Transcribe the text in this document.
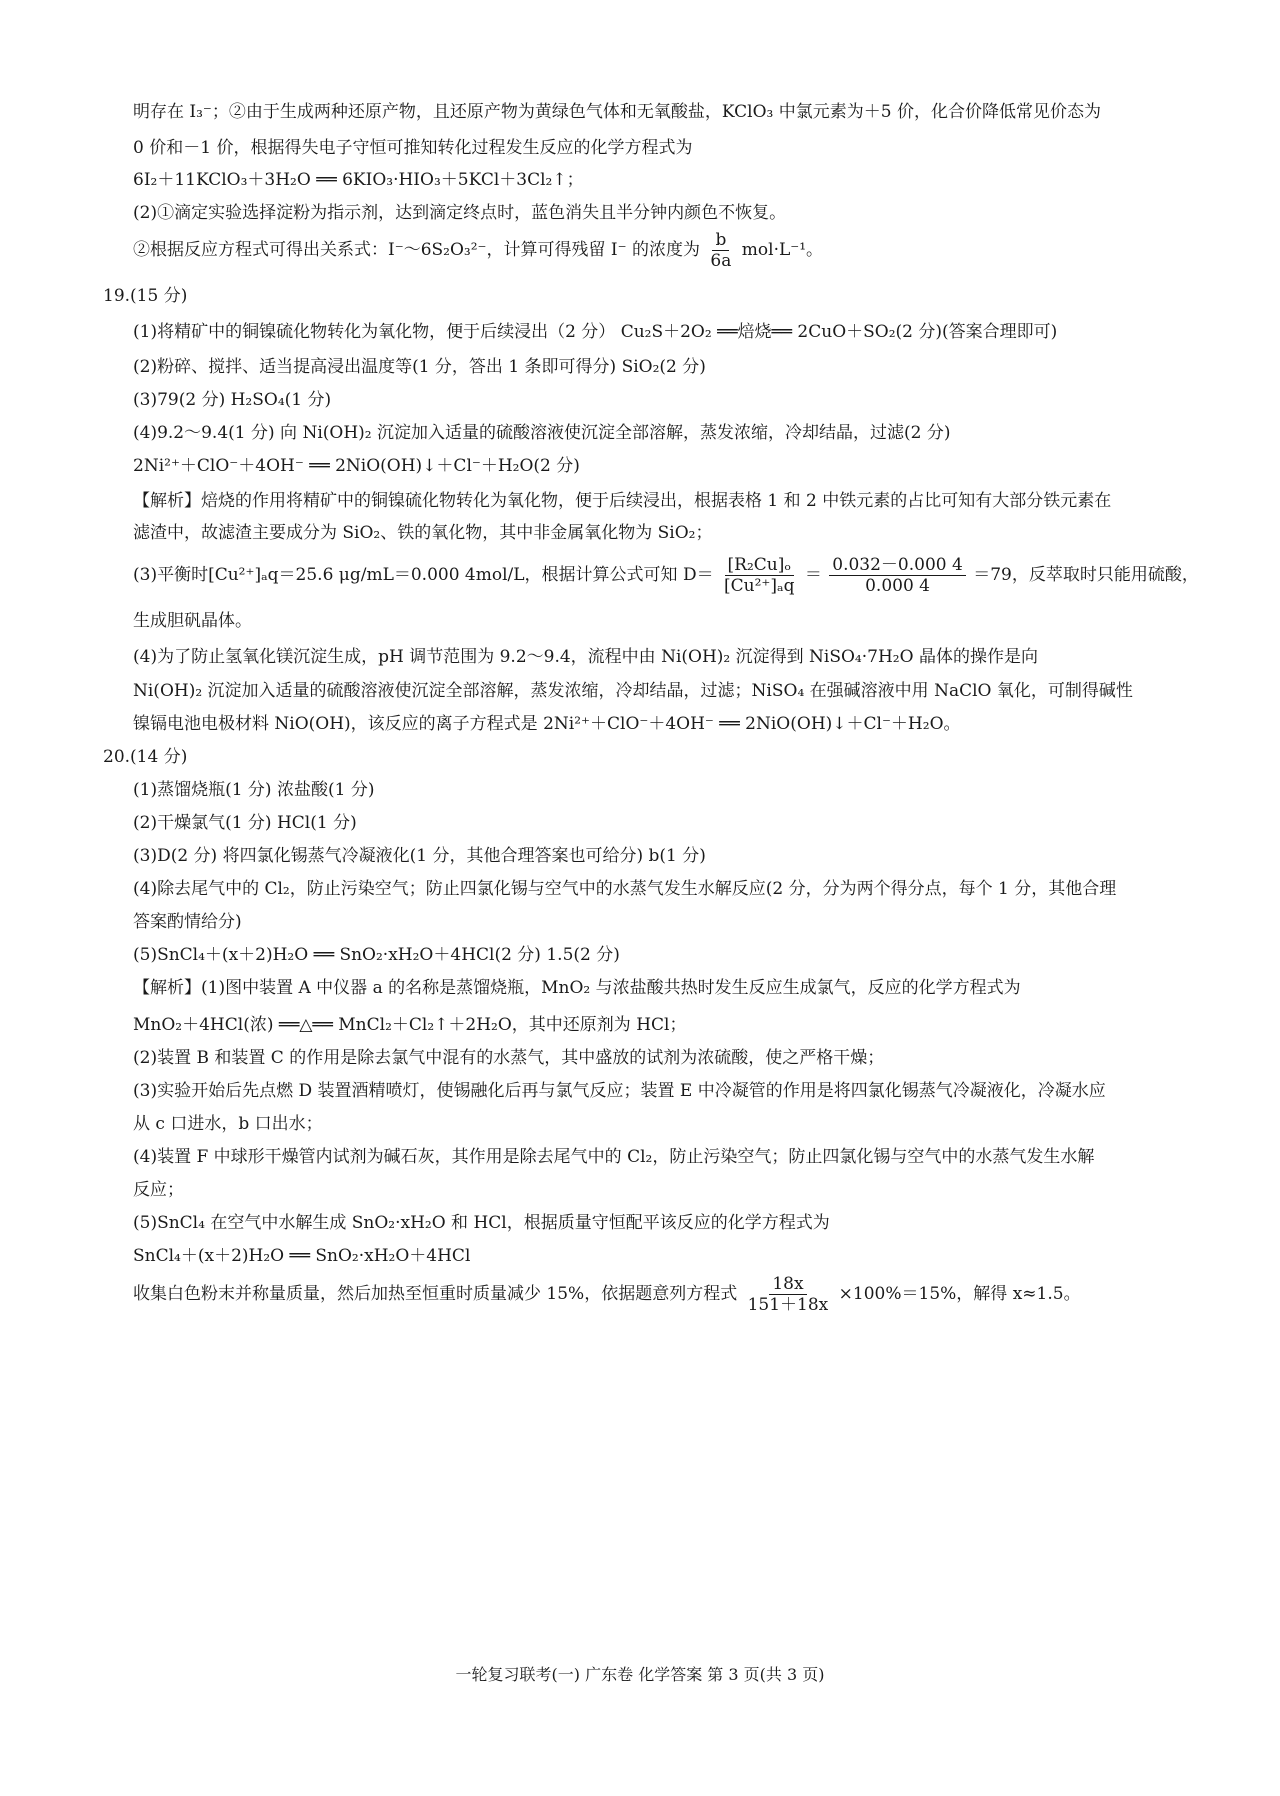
明存在 I₃⁻；②由于生成两种还原产物，且还原产物为黄绿色气体和无氧酸盐，KClO₃ 中氯元素为＋5 价，化合价降低常见价态为
0 价和－1 价，根据得失电子守恒可推知转化过程发生反应的化学方程式为
6I₂＋11KClO₃＋3H₂O ══ 6KIO₃·HIO₃＋5KCl＋3Cl₂↑；
(2)①滴定实验选择淀粉为指示剂，达到滴定终点时，蓝色消失且半分钟内颜色不恢复。
②根据反应方程式可得出关系式：I⁻～6S₂O₃²⁻，计算可得残留 I⁻ 的浓度为 $\frac{b}{6a} mol\cdot L^{-1}$。
19.(15 分)
(1)将精矿中的铜镍硫化物转化为氧化物，便于后续浸出（2 分） Cu₂S＋2O₂ ══焙烧══ 2CuO＋SO₂(2 分)(答案合理即可)
(2)粉碎、搅拌、适当提高浸出温度等(1 分，答出 1 条即可得分) SiO₂(2 分)
(3)79(2 分) H₂SO₄(1 分)
(4)9.2～9.4(1 分) 向 Ni(OH)₂ 沉淀加入适量的硫酸溶液使沉淀全部溶解，蒸发浓缩，冷却结晶，过滤(2 分)
2Ni²⁺＋ClO⁻＋4OH⁻ ══ 2NiO(OH)↓＋Cl⁻＋H₂O(2 分)
【解析】焙烧的作用将精矿中的铜镍硫化物转化为氧化物，便于后续浸出，根据表格 1 和 2 中铁元素的占比可知有大部分铁元素在
滤渣中，故滤渣主要成分为 SiO₂、铁的氧化物，其中非金属氧化物为 SiO₂；
(3)平衡时[Cu²⁺]ₐq＝25.6 μg/mL＝0.000 4mol/L，根据计算公式可知 $D= \frac{\text{[R₂Cu]ₒ}}{\text{[Cu²⁺]ₐq}} = \frac{0.032-0.000 4}{0.000 4} =79$，反萃取时只能用硫酸，
生成胆矾晶体。
(4)为了防止氢氧化镁沉淀生成，pH 调节范围为 9.2～9.4，流程中由 Ni(OH)₂ 沉淀得到 NiSO₄·7H₂O 晶体的操作是向
Ni(OH)₂ 沉淀加入适量的硫酸溶液使沉淀全部溶解，蒸发浓缩，冷却结晶，过滤；NiSO₄ 在强碱溶液中用 NaClO 氧化，可制得碱性
镍镉电池电极材料 NiO(OH)，该反应的离子方程式是 2Ni²⁺＋ClO⁻＋4OH⁻ ══ 2NiO(OH)↓＋Cl⁻＋H₂O。
20.(14 分)
(1)蒸馏烧瓶(1 分) 浓盐酸(1 分)
(2)干燥氯气(1 分) HCl(1 分)
(3)D(2 分) 将四氯化锡蒸气冷凝液化(1 分，其他合理答案也可给分) b(1 分)
(4)除去尾气中的 Cl₂，防止污染空气；防止四氯化锡与空气中的水蒸气发生水解反应(2 分，分为两个得分点，每个 1 分，其他合理
答案酌情给分)
(5)SnCl₄＋(x＋2)H₂O ══ SnO₂·xH₂O＋4HCl(2 分) 1.5(2 分)
【解析】(1)图中装置 A 中仪器 a 的名称是蒸馏烧瓶，MnO₂ 与浓盐酸共热时发生反应生成氯气，反应的化学方程式为
MnO₂＋4HCl(浓) ══△══ MnCl₂＋Cl₂↑＋2H₂O，其中还原剂为 HCl；
(2)装置 B 和装置 C 的作用是除去氯气中混有的水蒸气，其中盛放的试剂为浓硫酸，使之严格干燥；
(3)实验开始后先点燃 D 装置酒精喷灯，使锡融化后再与氯气反应；装置 E 中冷凝管的作用是将四氯化锡蒸气冷凝液化，冷凝水应
从 c 口进水，b 口出水；
(4)装置 F 中球形干燥管内试剂为碱石灰，其作用是除去尾气中的 Cl₂，防止污染空气；防止四氯化锡与空气中的水蒸气发生水解
反应；
(5)SnCl₄ 在空气中水解生成 SnO₂·xH₂O 和 HCl，根据质量守恒配平该反应的化学方程式为
SnCl₄＋(x＋2)H₂O ══ SnO₂·xH₂O＋4HCl
收集白色粉末并称量质量，然后加热至恒重时质量减少 15%，依据题意列方程式 $\frac{18x}{151+18x} \times 100\%=15\%$，解得 x≈1.5。
一轮复习联考(一) 广东卷 化学答案 第 3 页(共 3 页)
